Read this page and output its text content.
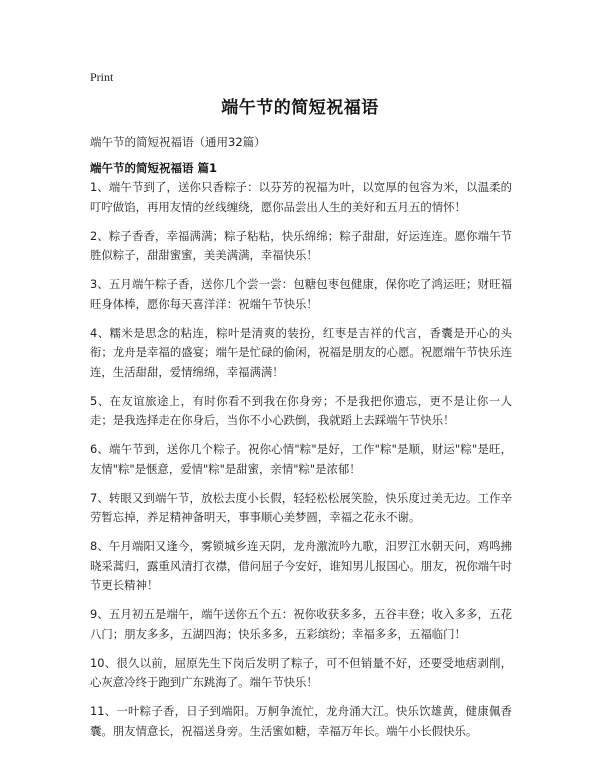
Print
端午节的简短祝福语
端午节的简短祝福语（通用32篇）
端午节的简短祝福语 篇1

1、端午节到了，送你只香粽子：以芬芳的祝福为叶，以宽厚的包容为米，以温柔的叮咛做馅，再用友情的丝线缠绕，愿你品尝出人生的美好和五月五的情怀！

2、粽子香香，幸福满满；粽子粘粘，快乐绵绵；粽子甜甜，好运连连。愿你端午节胜似粽子，甜甜蜜蜜，美美满满，幸福快乐！

3、五月端午粽子香，送你几个尝一尝：包糖包枣包健康，保你吃了鸿运旺；财旺福旺身体棒，愿你每天喜洋洋：祝端午节快乐！

4、糯米是思念的粘连，粽叶是清爽的装扮，红枣是吉祥的代言，香囊是开心的头衔；龙舟是幸福的盛宴；端午是忙碌的偷闲，祝福是朋友的心愿。祝愿端午节快乐连连，生活甜甜，爱情绵绵，幸福满满！

5、在友谊旅途上，有时你看不到我在你身旁；不是我把你遗忘，更不是让你一人走；是我选择走在你身后，当你不小心跌倒，我就蹈上去踩端午节快乐！

6、端午节到，送你几个粽子。祝你心情"粽"是好，工作"粽"是顺，财运"粽"是旺，友情"粽"是惬意，爱情"粽"是甜蜜，亲情"粽"是浓郁！

7、转眼又到端午节，放松去度小长假，轻轻松松展笑脸，快乐度过美无边。工作辛劳暂忘掉，养足精神备明天，事事顺心美梦圆，幸福之花永不谢。

8、午月端阳又逢今，雾锁城乡连天阴，龙舟激流吟九歌，汨罗江水朝天问，鸡鸣拂晓采蒿归，露重风清打衣襟，借问屈子今安好，谁知男儿报国心。朋友，祝你端午时节更长精神！

9、五月初五是端午，端午送你五个五：祝你收获多多，五谷丰登；收入多多，五花八门；朋友多多，五湖四海；快乐多多，五彩缤纷；幸福多多，五福临门！

10、很久以前，屈原先生下岗后发明了粽子，可不但销量不好，还要受地痞剥削，心灰意冷终于跑到广东跳海了。端午节快乐！

11、一叶粽子香，日子到端阳。万舸争流忙，龙舟涌大江。快乐饮雄黄，健康佩香囊。朋友情意长，祝福送身旁。生活蜜如糖，幸福万年长。端午小长假快乐。
